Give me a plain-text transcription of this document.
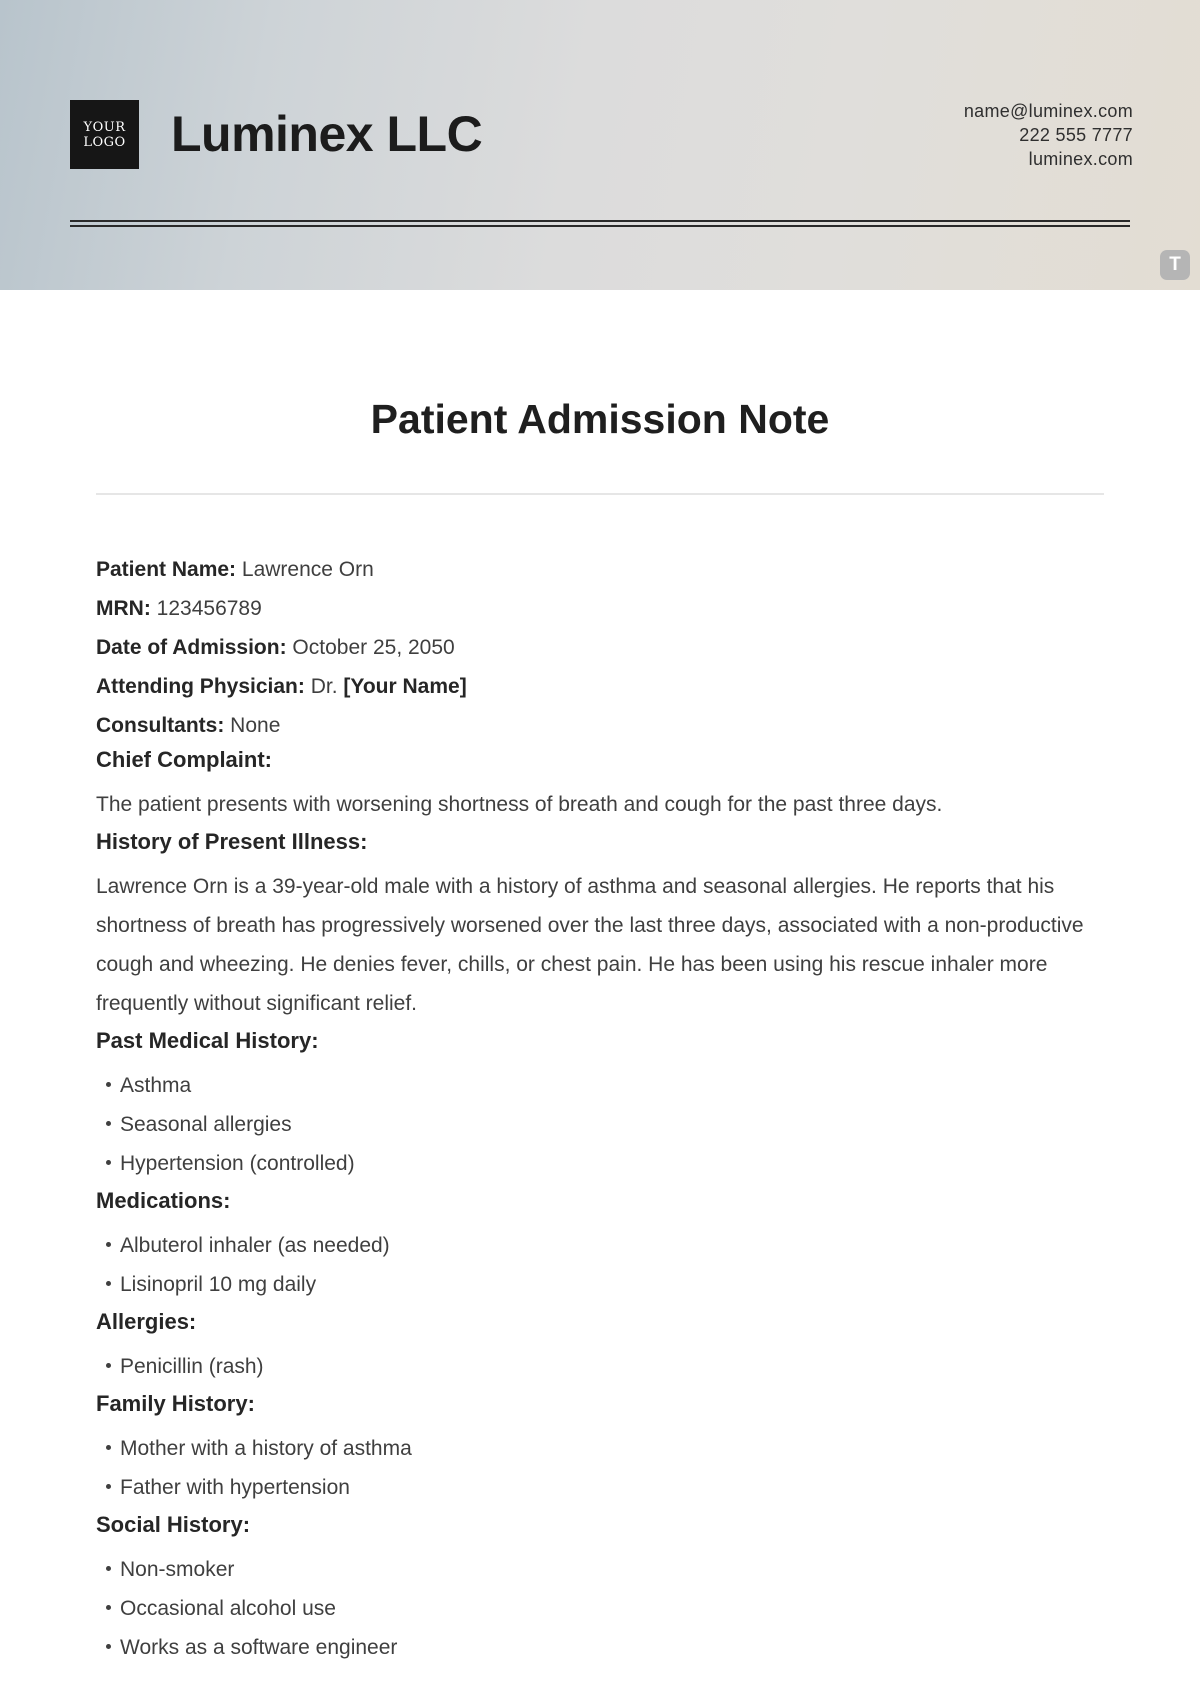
YOUR
LOGO Luminex LLC	name@luminex.com
222 555 7777
luminex.com
T
Patient Admission Note
Patient Name: Lawrence Orn
MRN: 123456789
Date of Admission: October 25, 2050
Attending Physician: Dr. [Your Name]
Consultants: None
Chief Complaint:
The patient presents with worsening shortness of breath and cough for the past three days.
History of Present Illness:
Lawrence Orn is a 39-year-old male with a history of asthma and seasonal allergies. He reports that his shortness of breath has progressively worsened over the last three days, associated with a non-productive cough and wheezing. He denies fever, chills, or chest pain. He has been using his rescue inhaler more frequently without significant relief.
Past Medical History:
Asthma
Seasonal allergies
Hypertension (controlled)
Medications:
Albuterol inhaler (as needed)
Lisinopril 10 mg daily
Allergies:
Penicillin (rash)
Family History:
Mother with a history of asthma
Father with hypertension
Social History:
Non-smoker
Occasional alcohol use
Works as a software engineer
